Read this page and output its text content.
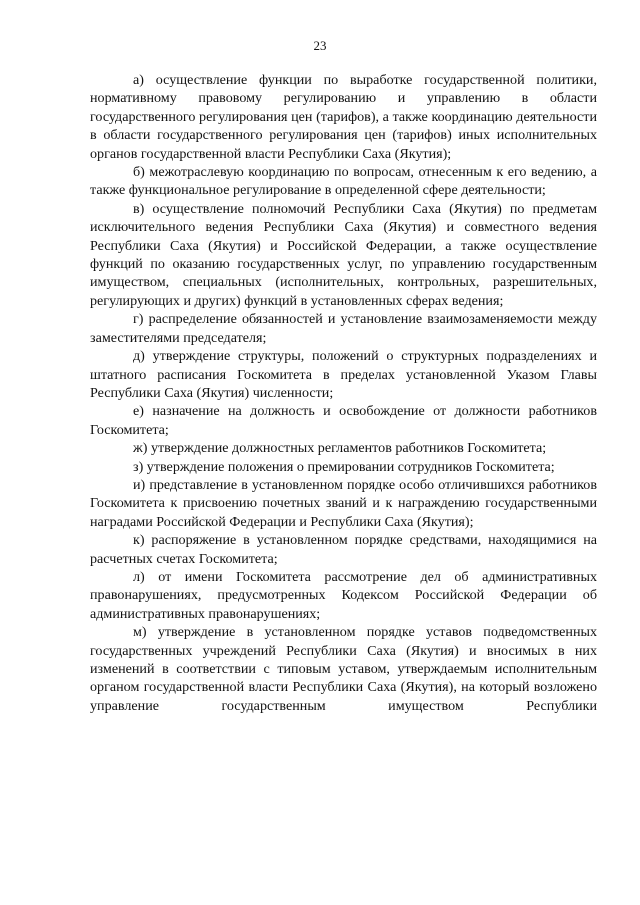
23

а) осуществление функции по выработке государственной политики, нормативному правовому регулированию и управлению в области государственного регулирования цен (тарифов), а также координацию деятельности в области государственного регулирования цен (тарифов) иных исполнительных органов государственной власти Республики Саха (Якутия);

б) межотраслевую координацию по вопросам, отнесенным к его ведению, а также функциональное регулирование в определенной сфере деятельности;

в) осуществление полномочий Республики Саха (Якутия) по предметам исключительного ведения Республики Саха (Якутия) и совместного ведения Республики Саха (Якутия) и Российской Федерации, а также осуществление функций по оказанию государственных услуг, по управлению государственным имуществом, специальных (исполнительных, контрольных, разрешительных, регулирующих и других) функций в установленных сферах ведения;

г) распределение обязанностей и установление взаимозаменяемости между заместителями председателя;

д) утверждение структуры, положений о структурных подразделениях и штатного расписания Госкомитета в пределах установленной Указом Главы Республики Саха (Якутия) численности;

е) назначение на должность и освобождение от должности работников Госкомитета;

ж) утверждение должностных регламентов работников Госкомитета;

з) утверждение положения о премировании сотрудников Госкомитета;

и) представление в установленном порядке особо отличившихся работников Госкомитета к присвоению почетных званий и к награждению государственными наградами Российской Федерации и Республики Саха (Якутия);

к) распоряжение в установленном порядке средствами, находящимися на расчетных счетах Госкомитета;

л) от имени Госкомитета рассмотрение дел об административных правонарушениях, предусмотренных Кодексом Российской Федерации об административных правонарушениях;

м) утверждение в установленном порядке уставов подведомственных государственных учреждений Республики Саха (Якутия) и вносимых в них изменений в соответствии с типовым уставом, утверждаемым исполнительным органом государственной власти Республики Саха (Якутия), на который возложено управление государственным имуществом Республики
